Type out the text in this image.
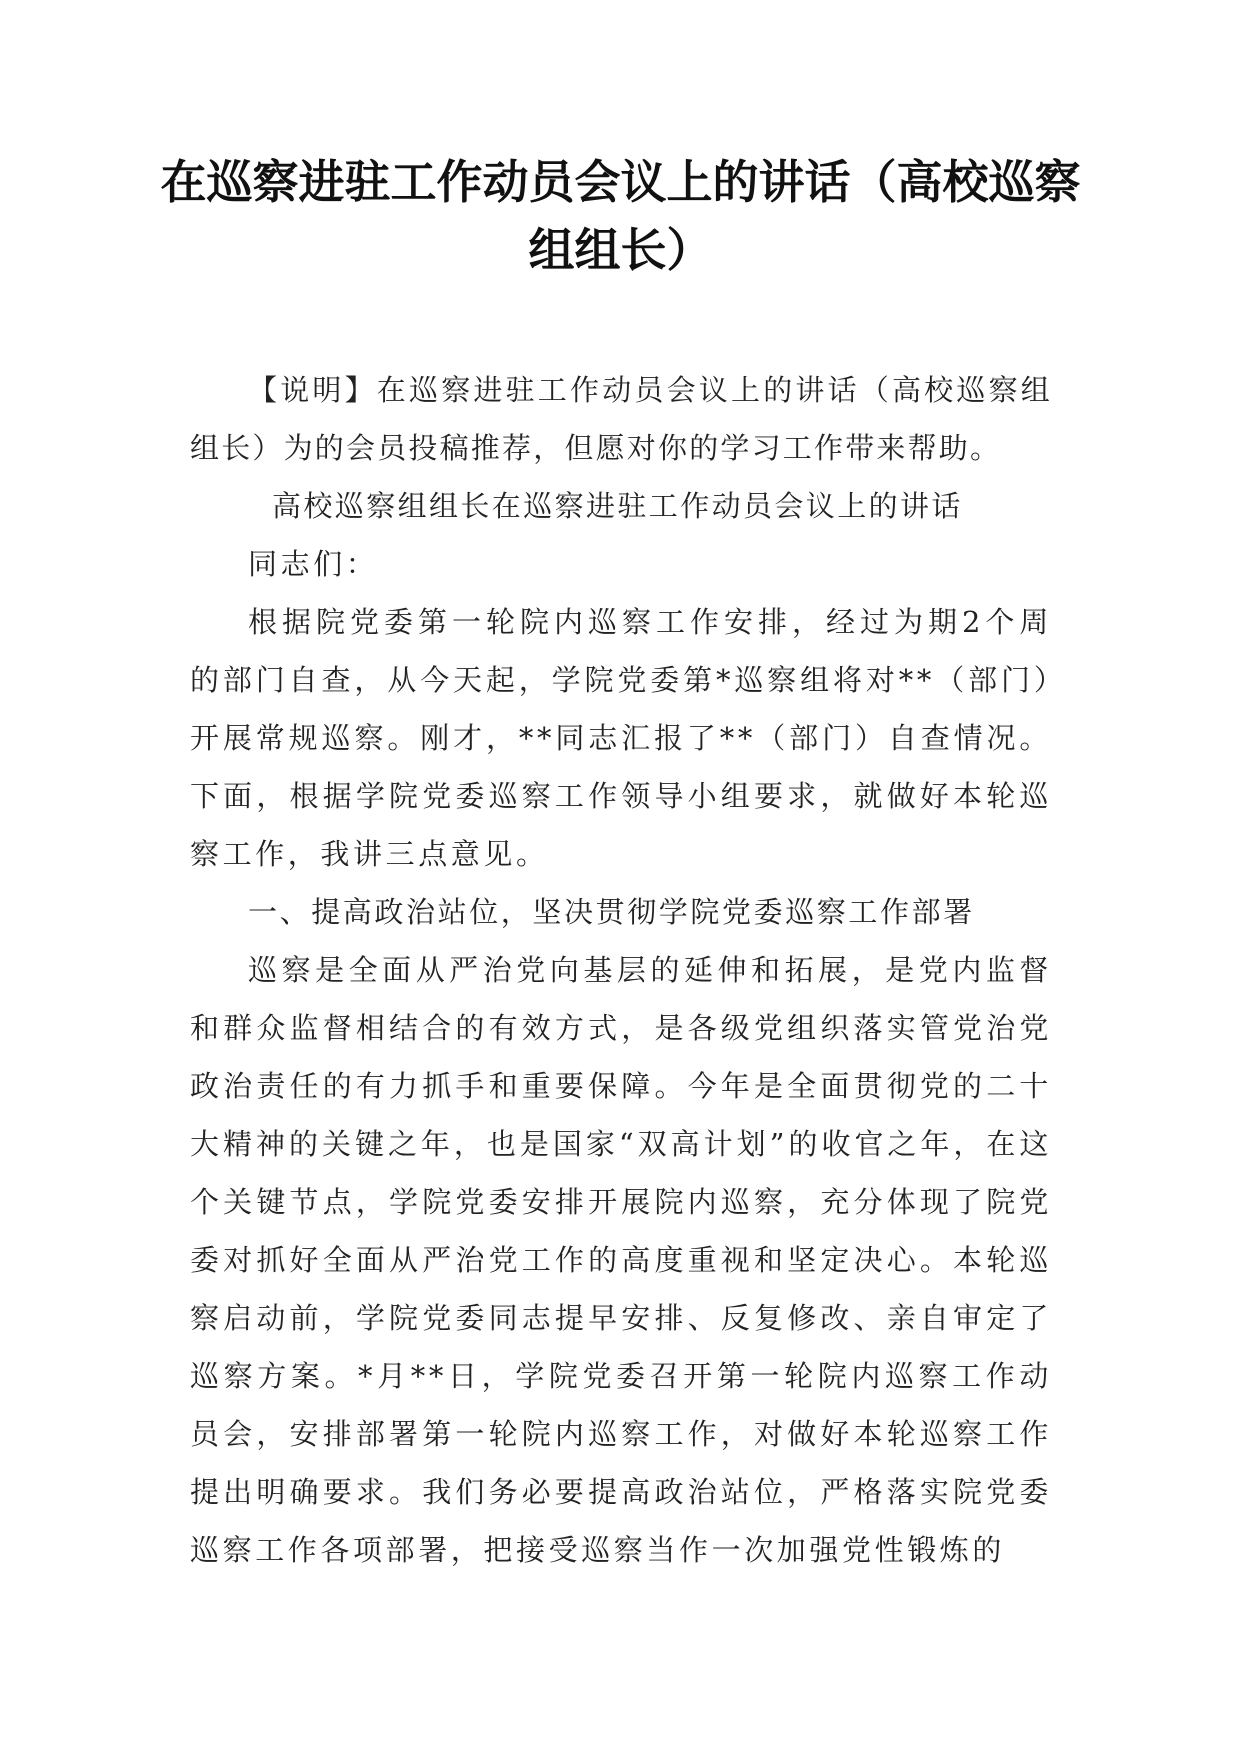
在巡察进驻工作动员会议上的讲话（高校巡察组组长）

【说明】在巡察进驻工作动员会议上的讲话（高校巡察组组长）为的会员投稿推荐，但愿对你的学习工作带来帮助。

高校巡察组组长在巡察进驻工作动员会议上的讲话

同志们：

根据院党委第一轮院内巡察工作安排，经过为期2个周的部门自查，从今天起，学院党委第*巡察组将对**（部门）开展常规巡察。刚才，**同志汇报了**（部门）自查情况。下面，根据学院党委巡察工作领导小组要求，就做好本轮巡察工作，我讲三点意见。

一、提高政治站位，坚决贯彻学院党委巡察工作部署

巡察是全面从严治党向基层的延伸和拓展，是党内监督和群众监督相结合的有效方式，是各级党组织落实管党治党政治责任的有力抓手和重要保障。今年是全面贯彻党的二十大精神的关键之年，也是国家“双高计划”的收官之年，在这个关键节点，学院党委安排开展院内巡察，充分体现了院党委对抓好全面从严治党工作的高度重视和坚定决心。本轮巡察启动前，学院党委同志提早安排、反复修改、亲自审定了巡察方案。*月**日，学院党委召开第一轮院内巡察工作动员会，安排部署第一轮院内巡察工作，对做好本轮巡察工作提出明确要求。我们务必要提高政治站位，严格落实院党委巡察工作各项部署，把接受巡察当作一次加强党性锻炼的
